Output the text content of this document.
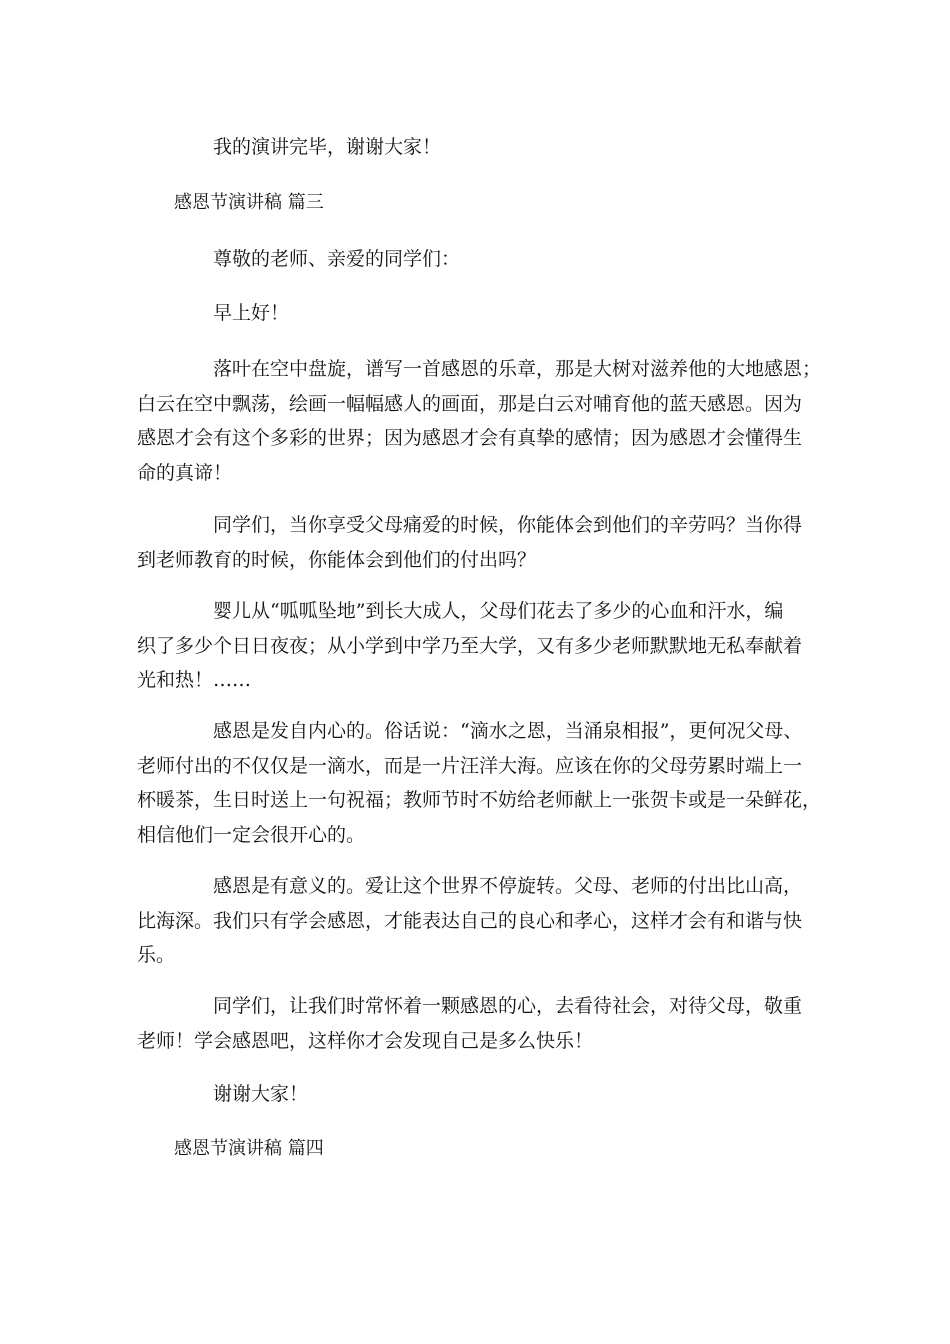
我的演讲完毕，谢谢大家！

感恩节演讲稿 篇三

尊敬的老师、亲爱的同学们：

早上好！

落叶在空中盘旋，谱写一首感恩的乐章，那是大树对滋养他的大地感恩；
白云在空中飘荡，绘画一幅幅感人的画面，那是白云对哺育他的蓝天感恩。因为
感恩才会有这个多彩的世界；因为感恩才会有真挚的感情；因为感恩才会懂得生
命的真谛！
同学们，当你享受父母痛爱的时候，你能体会到他们的辛劳吗？当你得
到老师教育的时候，你能体会到他们的付出吗？
婴儿从“呱呱坠地”到长大成人，父母们花去了多少的心血和汗水，编
织了多少个日日夜夜；从小学到中学乃至大学，又有多少老师默默地无私奉献着
光和热！……
感恩是发自内心的。俗话说：“滴水之恩，当涌泉相报”，更何况父母、
老师付出的不仅仅是一滴水，而是一片汪洋大海。应该在你的父母劳累时端上一
杯暖茶，生日时送上一句祝福；教师节时不妨给老师献上一张贺卡或是一朵鲜花，
相信他们一定会很开心的。
感恩是有意义的。爱让这个世界不停旋转。父母、老师的付出比山高，
比海深。我们只有学会感恩，才能表达自己的良心和孝心，这样才会有和谐与快
乐。
同学们，让我们时常怀着一颗感恩的心，去看待社会，对待父母，敬重
老师！学会感恩吧，这样你才会发现自己是多么快乐！

谢谢大家！

感恩节演讲稿 篇四
